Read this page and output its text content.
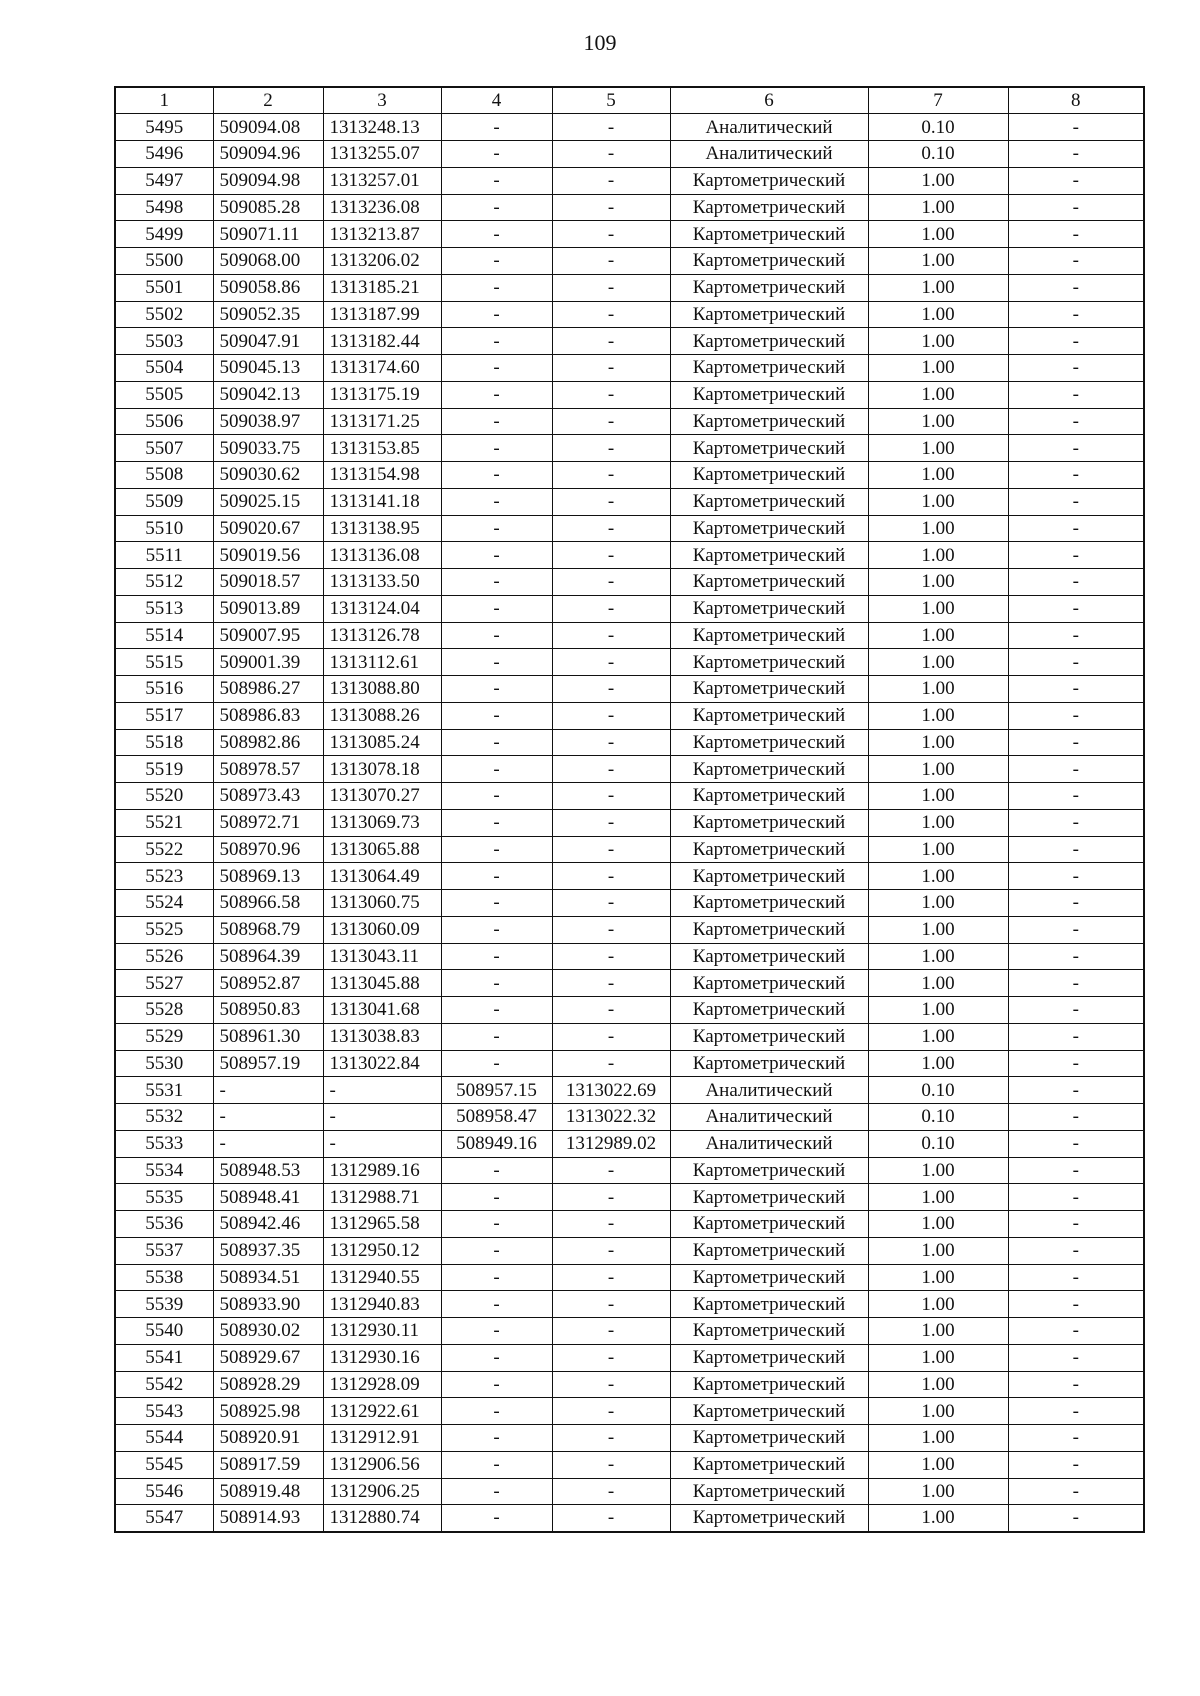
109
1	2	3	4	5	6	7	8
5495	509094.08	1313248.13	-	-	Аналитический	0.10	-
5496	509094.96	1313255.07	-	-	Аналитический	0.10	-
5497	509094.98	1313257.01	-	-	Картометрический	1.00	-
5498	509085.28	1313236.08	-	-	Картометрический	1.00	-
5499	509071.11	1313213.87	-	-	Картометрический	1.00	-
5500	509068.00	1313206.02	-	-	Картометрический	1.00	-
5501	509058.86	1313185.21	-	-	Картометрический	1.00	-
5502	509052.35	1313187.99	-	-	Картометрический	1.00	-
5503	509047.91	1313182.44	-	-	Картометрический	1.00	-
5504	509045.13	1313174.60	-	-	Картометрический	1.00	-
5505	509042.13	1313175.19	-	-	Картометрический	1.00	-
5506	509038.97	1313171.25	-	-	Картометрический	1.00	-
5507	509033.75	1313153.85	-	-	Картометрический	1.00	-
5508	509030.62	1313154.98	-	-	Картометрический	1.00	-
5509	509025.15	1313141.18	-	-	Картометрический	1.00	-
5510	509020.67	1313138.95	-	-	Картометрический	1.00	-
5511	509019.56	1313136.08	-	-	Картометрический	1.00	-
5512	509018.57	1313133.50	-	-	Картометрический	1.00	-
5513	509013.89	1313124.04	-	-	Картометрический	1.00	-
5514	509007.95	1313126.78	-	-	Картометрический	1.00	-
5515	509001.39	1313112.61	-	-	Картометрический	1.00	-
5516	508986.27	1313088.80	-	-	Картометрический	1.00	-
5517	508986.83	1313088.26	-	-	Картометрический	1.00	-
5518	508982.86	1313085.24	-	-	Картометрический	1.00	-
5519	508978.57	1313078.18	-	-	Картометрический	1.00	-
5520	508973.43	1313070.27	-	-	Картометрический	1.00	-
5521	508972.71	1313069.73	-	-	Картометрический	1.00	-
5522	508970.96	1313065.88	-	-	Картометрический	1.00	-
5523	508969.13	1313064.49	-	-	Картометрический	1.00	-
5524	508966.58	1313060.75	-	-	Картометрический	1.00	-
5525	508968.79	1313060.09	-	-	Картометрический	1.00	-
5526	508964.39	1313043.11	-	-	Картометрический	1.00	-
5527	508952.87	1313045.88	-	-	Картометрический	1.00	-
5528	508950.83	1313041.68	-	-	Картометрический	1.00	-
5529	508961.30	1313038.83	-	-	Картометрический	1.00	-
5530	508957.19	1313022.84	-	-	Картометрический	1.00	-
5531	-	-	508957.15	1313022.69	Аналитический	0.10	-
5532	-	-	508958.47	1313022.32	Аналитический	0.10	-
5533	-	-	508949.16	1312989.02	Аналитический	0.10	-
5534	508948.53	1312989.16	-	-	Картометрический	1.00	-
5535	508948.41	1312988.71	-	-	Картометрический	1.00	-
5536	508942.46	1312965.58	-	-	Картометрический	1.00	-
5537	508937.35	1312950.12	-	-	Картометрический	1.00	-
5538	508934.51	1312940.55	-	-	Картометрический	1.00	-
5539	508933.90	1312940.83	-	-	Картометрический	1.00	-
5540	508930.02	1312930.11	-	-	Картометрический	1.00	-
5541	508929.67	1312930.16	-	-	Картометрический	1.00	-
5542	508928.29	1312928.09	-	-	Картометрический	1.00	-
5543	508925.98	1312922.61	-	-	Картометрический	1.00	-
5544	508920.91	1312912.91	-	-	Картометрический	1.00	-
5545	508917.59	1312906.56	-	-	Картометрический	1.00	-
5546	508919.48	1312906.25	-	-	Картометрический	1.00	-
5547	508914.93	1312880.74	-	-	Картометрический	1.00	-
